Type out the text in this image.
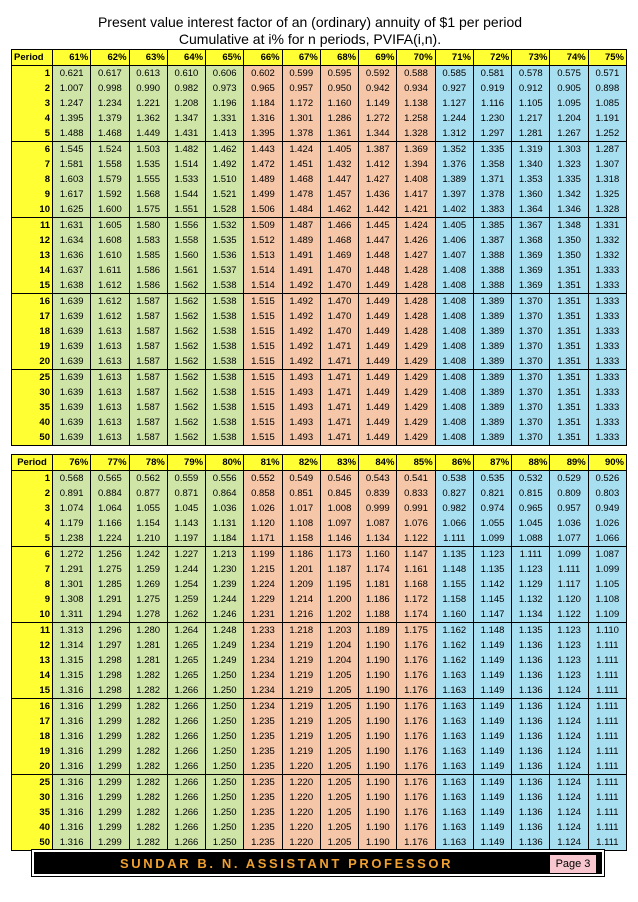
Present value interest factor of an (ordinary) annuity of $1 per period
Cumulative at i% for n periods, PVIFA(i,n).
Period	61%	62%	63%	64%	65%	66%	67%	68%	69%	70%	71%	72%	73%	74%	75%
1	0.621	0.617	0.613	0.610	0.606	0.602	0.599	0.595	0.592	0.588	0.585	0.581	0.578	0.575	0.571
2	1.007	0.998	0.990	0.982	0.973	0.965	0.957	0.950	0.942	0.934	0.927	0.919	0.912	0.905	0.898
3	1.247	1.234	1.221	1.208	1.196	1.184	1.172	1.160	1.149	1.138	1.127	1.116	1.105	1.095	1.085
4	1.395	1.379	1.362	1.347	1.331	1.316	1.301	1.286	1.272	1.258	1.244	1.230	1.217	1.204	1.191
5	1.488	1.468	1.449	1.431	1.413	1.395	1.378	1.361	1.344	1.328	1.312	1.297	1.281	1.267	1.252
6	1.545	1.524	1.503	1.482	1.462	1.443	1.424	1.405	1.387	1.369	1.352	1.335	1.319	1.303	1.287
7	1.581	1.558	1.535	1.514	1.492	1.472	1.451	1.432	1.412	1.394	1.376	1.358	1.340	1.323	1.307
8	1.603	1.579	1.555	1.533	1.510	1.489	1.468	1.447	1.427	1.408	1.389	1.371	1.353	1.335	1.318
9	1.617	1.592	1.568	1.544	1.521	1.499	1.478	1.457	1.436	1.417	1.397	1.378	1.360	1.342	1.325
10	1.625	1.600	1.575	1.551	1.528	1.506	1.484	1.462	1.442	1.421	1.402	1.383	1.364	1.346	1.328
11	1.631	1.605	1.580	1.556	1.532	1.509	1.487	1.466	1.445	1.424	1.405	1.385	1.367	1.348	1.331
12	1.634	1.608	1.583	1.558	1.535	1.512	1.489	1.468	1.447	1.426	1.406	1.387	1.368	1.350	1.332
13	1.636	1.610	1.585	1.560	1.536	1.513	1.491	1.469	1.448	1.427	1.407	1.388	1.369	1.350	1.332
14	1.637	1.611	1.586	1.561	1.537	1.514	1.491	1.470	1.448	1.428	1.408	1.388	1.369	1.351	1.333
15	1.638	1.612	1.586	1.562	1.538	1.514	1.492	1.470	1.449	1.428	1.408	1.388	1.369	1.351	1.333
16	1.639	1.612	1.587	1.562	1.538	1.515	1.492	1.470	1.449	1.428	1.408	1.389	1.370	1.351	1.333
17	1.639	1.612	1.587	1.562	1.538	1.515	1.492	1.470	1.449	1.428	1.408	1.389	1.370	1.351	1.333
18	1.639	1.613	1.587	1.562	1.538	1.515	1.492	1.470	1.449	1.428	1.408	1.389	1.370	1.351	1.333
19	1.639	1.613	1.587	1.562	1.538	1.515	1.492	1.471	1.449	1.429	1.408	1.389	1.370	1.351	1.333
20	1.639	1.613	1.587	1.562	1.538	1.515	1.492	1.471	1.449	1.429	1.408	1.389	1.370	1.351	1.333
25	1.639	1.613	1.587	1.562	1.538	1.515	1.493	1.471	1.449	1.429	1.408	1.389	1.370	1.351	1.333
30	1.639	1.613	1.587	1.562	1.538	1.515	1.493	1.471	1.449	1.429	1.408	1.389	1.370	1.351	1.333
35	1.639	1.613	1.587	1.562	1.538	1.515	1.493	1.471	1.449	1.429	1.408	1.389	1.370	1.351	1.333
40	1.639	1.613	1.587	1.562	1.538	1.515	1.493	1.471	1.449	1.429	1.408	1.389	1.370	1.351	1.333
50	1.639	1.613	1.587	1.562	1.538	1.515	1.493	1.471	1.449	1.429	1.408	1.389	1.370	1.351	1.333
Period	76%	77%	78%	79%	80%	81%	82%	83%	84%	85%	86%	87%	88%	89%	90%
1	0.568	0.565	0.562	0.559	0.556	0.552	0.549	0.546	0.543	0.541	0.538	0.535	0.532	0.529	0.526
2	0.891	0.884	0.877	0.871	0.864	0.858	0.851	0.845	0.839	0.833	0.827	0.821	0.815	0.809	0.803
3	1.074	1.064	1.055	1.045	1.036	1.026	1.017	1.008	0.999	0.991	0.982	0.974	0.965	0.957	0.949
4	1.179	1.166	1.154	1.143	1.131	1.120	1.108	1.097	1.087	1.076	1.066	1.055	1.045	1.036	1.026
5	1.238	1.224	1.210	1.197	1.184	1.171	1.158	1.146	1.134	1.122	1.111	1.099	1.088	1.077	1.066
6	1.272	1.256	1.242	1.227	1.213	1.199	1.186	1.173	1.160	1.147	1.135	1.123	1.111	1.099	1.087
7	1.291	1.275	1.259	1.244	1.230	1.215	1.201	1.187	1.174	1.161	1.148	1.135	1.123	1.111	1.099
8	1.301	1.285	1.269	1.254	1.239	1.224	1.209	1.195	1.181	1.168	1.155	1.142	1.129	1.117	1.105
9	1.308	1.291	1.275	1.259	1.244	1.229	1.214	1.200	1.186	1.172	1.158	1.145	1.132	1.120	1.108
10	1.311	1.294	1.278	1.262	1.246	1.231	1.216	1.202	1.188	1.174	1.160	1.147	1.134	1.122	1.109
11	1.313	1.296	1.280	1.264	1.248	1.233	1.218	1.203	1.189	1.175	1.162	1.148	1.135	1.123	1.110
12	1.314	1.297	1.281	1.265	1.249	1.234	1.219	1.204	1.190	1.176	1.162	1.149	1.136	1.123	1.111
13	1.315	1.298	1.281	1.265	1.249	1.234	1.219	1.204	1.190	1.176	1.162	1.149	1.136	1.123	1.111
14	1.315	1.298	1.282	1.265	1.250	1.234	1.219	1.205	1.190	1.176	1.163	1.149	1.136	1.123	1.111
15	1.316	1.298	1.282	1.266	1.250	1.234	1.219	1.205	1.190	1.176	1.163	1.149	1.136	1.124	1.111
16	1.316	1.299	1.282	1.266	1.250	1.234	1.219	1.205	1.190	1.176	1.163	1.149	1.136	1.124	1.111
17	1.316	1.299	1.282	1.266	1.250	1.235	1.219	1.205	1.190	1.176	1.163	1.149	1.136	1.124	1.111
18	1.316	1.299	1.282	1.266	1.250	1.235	1.219	1.205	1.190	1.176	1.163	1.149	1.136	1.124	1.111
19	1.316	1.299	1.282	1.266	1.250	1.235	1.219	1.205	1.190	1.176	1.163	1.149	1.136	1.124	1.111
20	1.316	1.299	1.282	1.266	1.250	1.235	1.220	1.205	1.190	1.176	1.163	1.149	1.136	1.124	1.111
25	1.316	1.299	1.282	1.266	1.250	1.235	1.220	1.205	1.190	1.176	1.163	1.149	1.136	1.124	1.111
30	1.316	1.299	1.282	1.266	1.250	1.235	1.220	1.205	1.190	1.176	1.163	1.149	1.136	1.124	1.111
35	1.316	1.299	1.282	1.266	1.250	1.235	1.220	1.205	1.190	1.176	1.163	1.149	1.136	1.124	1.111
40	1.316	1.299	1.282	1.266	1.250	1.235	1.220	1.205	1.190	1.176	1.163	1.149	1.136	1.124	1.111
50	1.316	1.299	1.282	1.266	1.250	1.235	1.220	1.205	1.190	1.176	1.163	1.149	1.136	1.124	1.111
SUNDAR B. N. ASSISTANT PROFESSOR	Page 3
